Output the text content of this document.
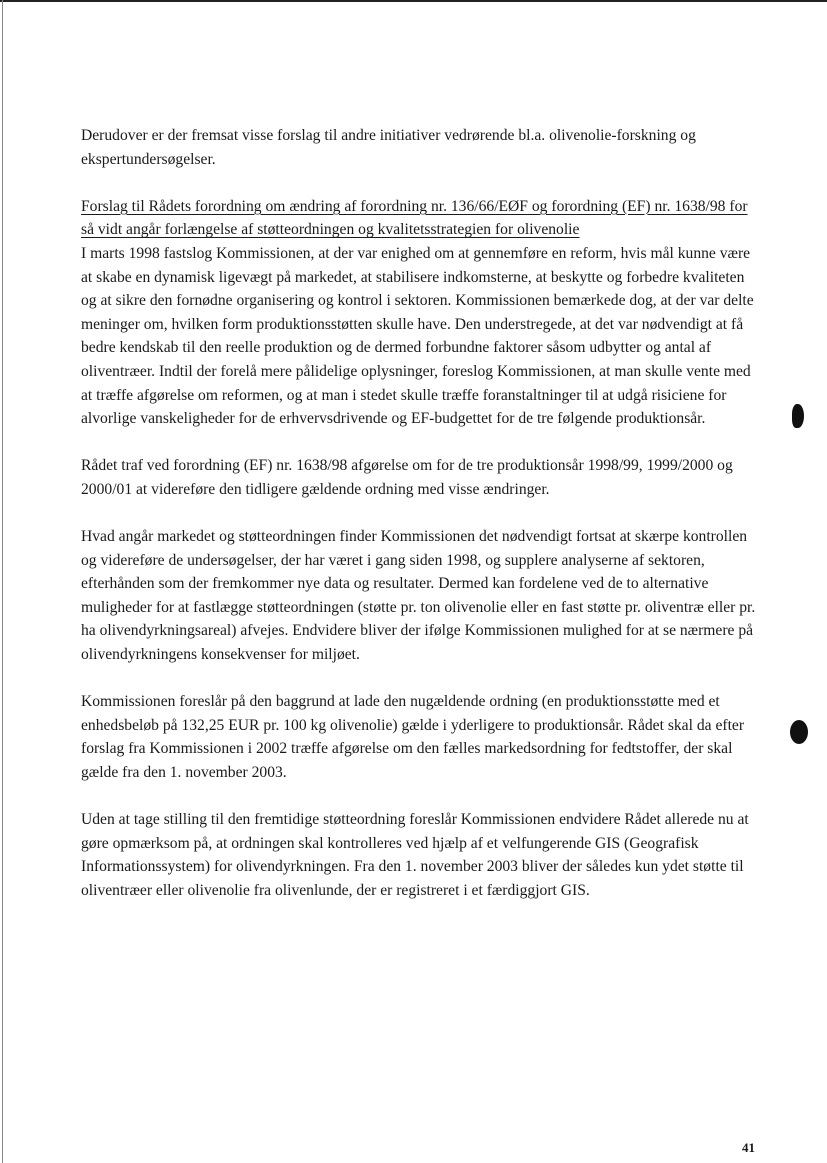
Derudover er der fremsat visse forslag til andre initiativer vedrørende bl.a. olivenolie-forskning og ekspertundersøgelser.

Forslag til Rådets forordning om ændring af forordning nr. 136/66/EØF og forordning (EF) nr. 1638/98 for så vidt angår forlængelse af støtteordningen og kvalitetsstrategien for olivenolie

I marts 1998 fastslog Kommissionen, at der var enighed om at gennemføre en reform, hvis mål kunne være at skabe en dynamisk ligevægt på markedet, at stabilisere indkomsterne, at beskytte og forbedre kvaliteten og at sikre den fornødne organisering og kontrol i sektoren. Kommissionen bemærkede dog, at der var delte meninger om, hvilken form produktionsstøtten skulle have. Den understregede, at det var nødvendigt at få bedre kendskab til den reelle produktion og de dermed forbundne faktorer såsom udbytter og antal af oliventræer. Indtil der forelå mere pålidelige oplysninger, foreslog Kommissionen, at man skulle vente med at træffe afgørelse om reformen, og at man i stedet skulle træffe foranstaltninger til at udgå risiciene for alvorlige vanskeligheder for de erhvervsdrivende og EF-budgettet for de tre følgende produktionsår.

Rådet traf ved forordning (EF) nr. 1638/98 afgørelse om for de tre produktionsår 1998/99, 1999/2000 og 2000/01 at videreføre den tidligere gældende ordning med visse ændringer.

Hvad angår markedet og støtteordningen finder Kommissionen det nødvendigt fortsat at skærpe kontrollen og videreføre de undersøgelser, der har været i gang siden 1998, og supplere analyserne af sektoren, efterhånden som der fremkommer nye data og resultater. Dermed kan fordelene ved de to alternative muligheder for at fastlægge støtteordningen (støtte pr. ton olivenolie eller en fast støtte pr. oliventræ eller pr. ha olivendyrkningsareal) afvejes. Endvidere bliver der ifølge Kommissionen mulighed for at se nærmere på olivendyrkningens konsekvenser for miljøet.

Kommissionen foreslår på den baggrund at lade den nugældende ordning (en produktionsstøtte med et enhedsbeløb på 132,25 EUR pr. 100 kg olivenolie) gælde i yderligere to produktionsår. Rådet skal da efter forslag fra Kommissionen i 2002 træffe afgørelse om den fælles markedsordning for fedtstoffer, der skal gælde fra den 1. november 2003.

Uden at tage stilling til den fremtidige støtteordning foreslår Kommissionen endvidere Rådet allerede nu at gøre opmærksom på, at ordningen skal kontrolleres ved hjælp af et velfungerende GIS (Geografisk Informationssystem) for olivendyrkningen. Fra den 1. november 2003 bliver der således kun ydet støtte til oliventræer eller olivenolie fra olivenlunde, der er registreret i et færdiggjort GIS.

41
